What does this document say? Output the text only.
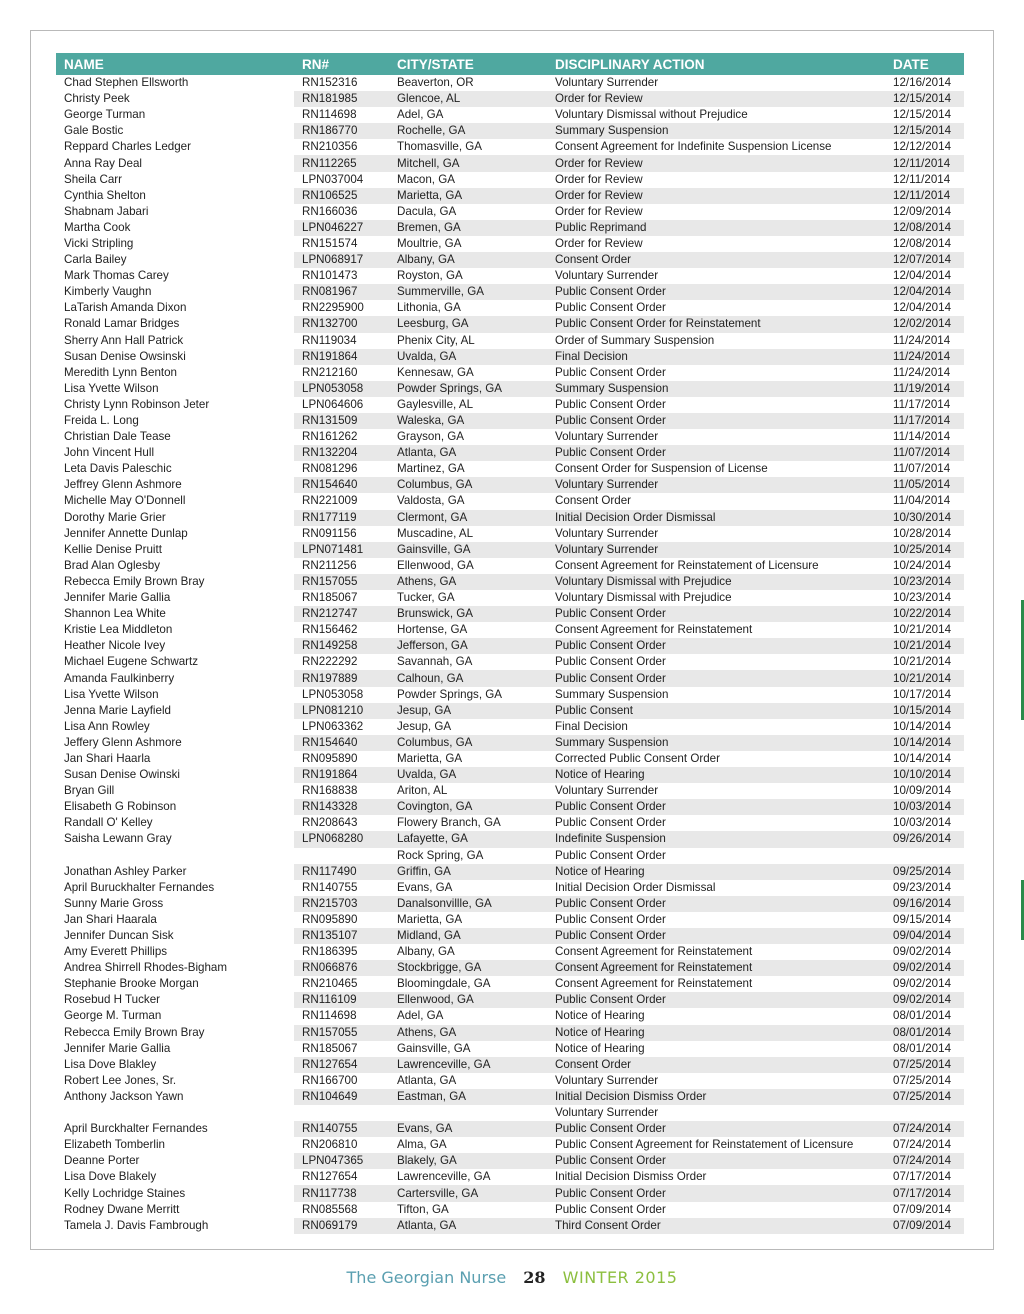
NAME	RN#	CITY/STATE	DISCIPLINARY ACTION	DATE
Chad Stephen Ellsworth	RN152316	Beaverton, OR	Voluntary Surrender	12/16/2014
Christy Peek	RN181985	Glencoe, AL	Order for Review	12/15/2014
George Turman	RN114698	Adel, GA	Voluntary Dismissal without Prejudice	12/15/2014
Gale Bostic	RN186770	Rochelle, GA	Summary Suspension	12/15/2014
Reppard Charles Ledger	RN210356	Thomasville, GA	Consent Agreement for Indefinite Suspension License	12/12/2014
Anna Ray Deal	RN112265	Mitchell, GA	Order for Review	12/11/2014
Sheila Carr	LPN037004	Macon, GA	Order for Review	12/11/2014
Cynthia Shelton	RN106525	Marietta, GA	Order for Review	12/11/2014
Shabnam Jabari	RN166036	Dacula, GA	Order for Review	12/09/2014
Martha Cook	LPN046227	Bremen, GA	Public Reprimand	12/08/2014
Vicki Stripling	RN151574	Moultrie, GA	Order for Review	12/08/2014
Carla Bailey	LPN068917	Albany, GA	Consent Order	12/07/2014
Mark Thomas Carey	RN101473	Royston, GA	Voluntary Surrender	12/04/2014
Kimberly Vaughn	RN081967	Summerville, GA	Public Consent Order	12/04/2014
LaTarish Amanda Dixon	RN2295900	Lithonia, GA	Public Consent Order	12/04/2014
Ronald Lamar Bridges	RN132700	Leesburg, GA	Public Consent Order for Reinstatement	12/02/2014
Sherry Ann Hall Patrick	RN119034	Phenix City, AL	Order of Summary Suspension	11/24/2014
Susan Denise Owsinski	RN191864	Uvalda, GA	Final Decision	11/24/2014
Meredith Lynn Benton	RN212160	Kennesaw, GA	Public Consent Order	11/24/2014
Lisa Yvette Wilson	LPN053058	Powder Springs, GA	Summary Suspension	11/19/2014
Christy Lynn Robinson Jeter	LPN064606	Gaylesville, AL	Public Consent Order	11/17/2014
Freida L. Long	RN131509	Waleska, GA	Public Consent Order	11/17/2014
Christian Dale Tease	RN161262	Grayson, GA	Voluntary Surrender	11/14/2014
John Vincent Hull	RN132204	Atlanta, GA	Public Consent Order	11/07/2014
Leta Davis Paleschic	RN081296	Martinez, GA	Consent Order for Suspension of License	11/07/2014
Jeffrey Glenn Ashmore	RN154640	Columbus, GA	Voluntary Surrender	11/05/2014
Michelle May O'Donnell	RN221009	Valdosta, GA	Consent Order	11/04/2014
Dorothy Marie Grier	RN177119	Clermont, GA	Initial Decision Order Dismissal	10/30/2014
Jennifer Annette Dunlap	RN091156	Muscadine, AL	Voluntary Surrender	10/28/2014
Kellie Denise Pruitt	LPN071481	Gainsville, GA	Voluntary Surrender	10/25/2014
Brad Alan Oglesby	RN211256	Ellenwood, GA	Consent Agreement for Reinstatement of Licensure	10/24/2014
Rebecca Emily Brown Bray	RN157055	Athens, GA	Voluntary Dismissal with Prejudice	10/23/2014
Jennifer Marie Gallia	RN185067	Tucker, GA	Voluntary Dismissal with Prejudice	10/23/2014
Shannon Lea White	RN212747	Brunswick, GA	Public Consent Order	10/22/2014
Kristie Lea Middleton	RN156462	Hortense, GA	Consent Agreement for Reinstatement	10/21/2014
Heather Nicole Ivey	RN149258	Jefferson, GA	Public Consent Order	10/21/2014
Michael Eugene Schwartz	RN222292	Savannah, GA	Public Consent Order	10/21/2014
Amanda Faulkinberry	RN197889	Calhoun, GA	Public Consent Order	10/21/2014
Lisa Yvette Wilson	LPN053058	Powder Springs, GA	Summary Suspension	10/17/2014
Jenna Marie Layfield	LPN081210	Jesup, GA	Public Consent	10/15/2014
Lisa Ann Rowley	LPN063362	Jesup, GA	Final Decision	10/14/2014
Jeffery Glenn Ashmore	RN154640	Columbus, GA	Summary Suspension	10/14/2014
Jan Shari Haarla	RN095890	Marietta, GA	Corrected Public Consent Order	10/14/2014
Susan Denise Owinski	RN191864	Uvalda, GA	Notice of Hearing	10/10/2014
Bryan Gill	RN168838	Ariton, AL	Voluntary Surrender	10/09/2014
Elisabeth G Robinson	RN143328	Covington, GA	Public Consent Order	10/03/2014
Randall O' Kelley	RN208643	Flowery Branch, GA	Public Consent Order	10/03/2014
Saisha Lewann Gray	LPN068280	Lafayette, GA	Indefinite Suspension	09/26/2014
		Rock Spring, GA	Public Consent Order	
Jonathan Ashley Parker	RN117490	Griffin, GA	Notice of Hearing	09/25/2014
April Buruckhalter Fernandes	RN140755	Evans, GA	Initial Decision Order Dismissal	09/23/2014
Sunny Marie Gross	RN215703	Danalsonvillle, GA	Public Consent Order	09/16/2014
Jan Shari Haarala	RN095890	Marietta, GA	Public Consent Order	09/15/2014
Jennifer Duncan Sisk	RN135107	Midland, GA	Public Consent Order	09/04/2014
Amy Everett Phillips	RN186395	Albany, GA	Consent Agreement for Reinstatement	09/02/2014
Andrea Shirrell Rhodes-Bigham	RN066876	Stockbrigge, GA	Consent Agreement for Reinstatement	09/02/2014
Stephanie Brooke Morgan	RN210465	Bloomingdale, GA	Consent Agreement for Reinstatement	09/02/2014
Rosebud H Tucker	RN116109	Ellenwood, GA	Public Consent Order	09/02/2014
George M. Turman	RN114698	Adel, GA	Notice of Hearing	08/01/2014
Rebecca Emily Brown Bray	RN157055	Athens, GA	Notice of Hearing	08/01/2014
Jennifer Marie Gallia	RN185067	Gainsville, GA	Notice of Hearing	08/01/2014
Lisa Dove Blakley	RN127654	Lawrenceville, GA	Consent Order	07/25/2014
Robert Lee Jones, Sr.	RN166700	Atlanta, GA	Voluntary Surrender	07/25/2014
Anthony Jackson Yawn	RN104649	Eastman, GA	Initial Decision Dismiss Order	07/25/2014
			Voluntary Surrender	
April Burckhalter Fernandes	RN140755	Evans, GA	Public Consent Order	07/24/2014
Elizabeth Tomberlin	RN206810	Alma, GA	Public Consent Agreement for Reinstatement of Licensure	07/24/2014
Deanne Porter	LPN047365	Blakely, GA	Public Consent Order	07/24/2014
Lisa Dove Blakely	RN127654	Lawrenceville, GA	Initial Decision Dismiss Order	07/17/2014
Kelly Lochridge Staines	RN117738	Cartersville, GA	Public Consent Order	07/17/2014
Rodney Dwane Merritt	RN085568	Tifton, GA	Public Consent Order	07/09/2014
Tamela J. Davis Fambrough	RN069179	Atlanta, GA	Third Consent Order	07/09/2014
The Georgian Nurse 28 WINTER 2015
